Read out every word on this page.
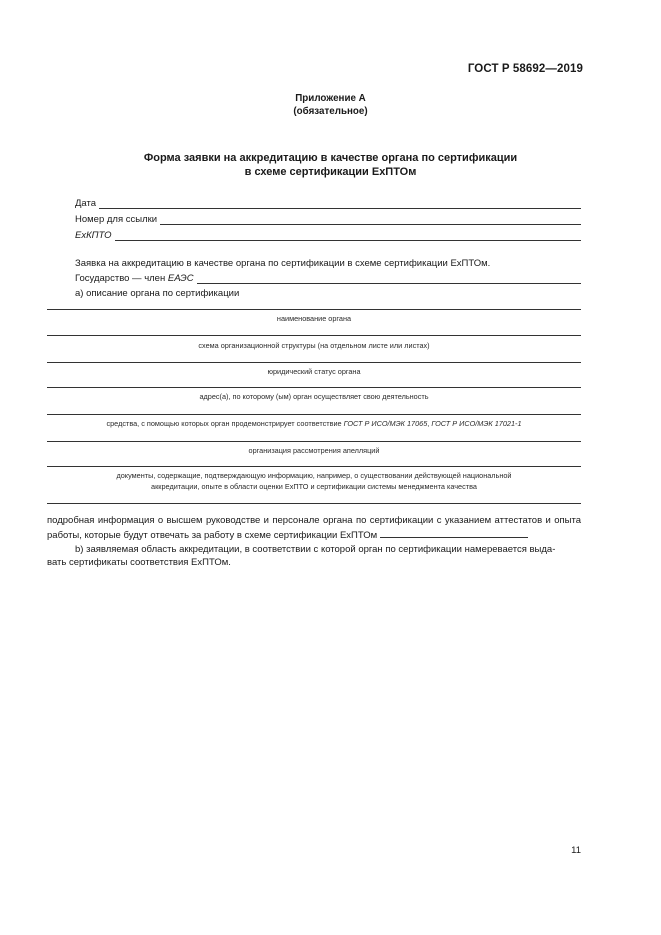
ГОСТ Р 58692—2019
Приложение А
(обязательное)
Форма заявки на аккредитацию в качестве органа по сертификации
в схеме сертификации ЕхПТОм
Дата
Номер для ссылки
ЕхКПТО
Заявка на аккредитацию в качестве органа по сертификации в схеме сертификации ЕхПТОм.
Государство — член ЕАЭС
a) описание органа по сертификации
наименование органа
схема организационной структуры (на отдельном листе или листах)
юридический статус органа
адрес(а), по которому (ым) орган осуществляет свою деятельность
средства, с помощью которых орган продемонстрирует соответствие ГОСТ Р ИСО/МЭК 17065, ГОСТ Р ИСО/МЭК 17021-1
организация рассмотрения апелляций
документы, содержащие, подтверждающую информацию, например, о существовании действующей национальной
аккредитации, опыте в области оценки ЕхПТО и сертификации системы менеджмента качества
подробная информация о высшем руководстве и персонале органа по сертификации с указанием аттестатов и опыта работы, которые будут отвечать за работу в схеме сертификации ЕхПТОм
b) заявляемая область аккредитации, в соответствии с которой орган по сертификации намеревается выда-
вать сертификаты соответствия ЕхПТОм.
11
